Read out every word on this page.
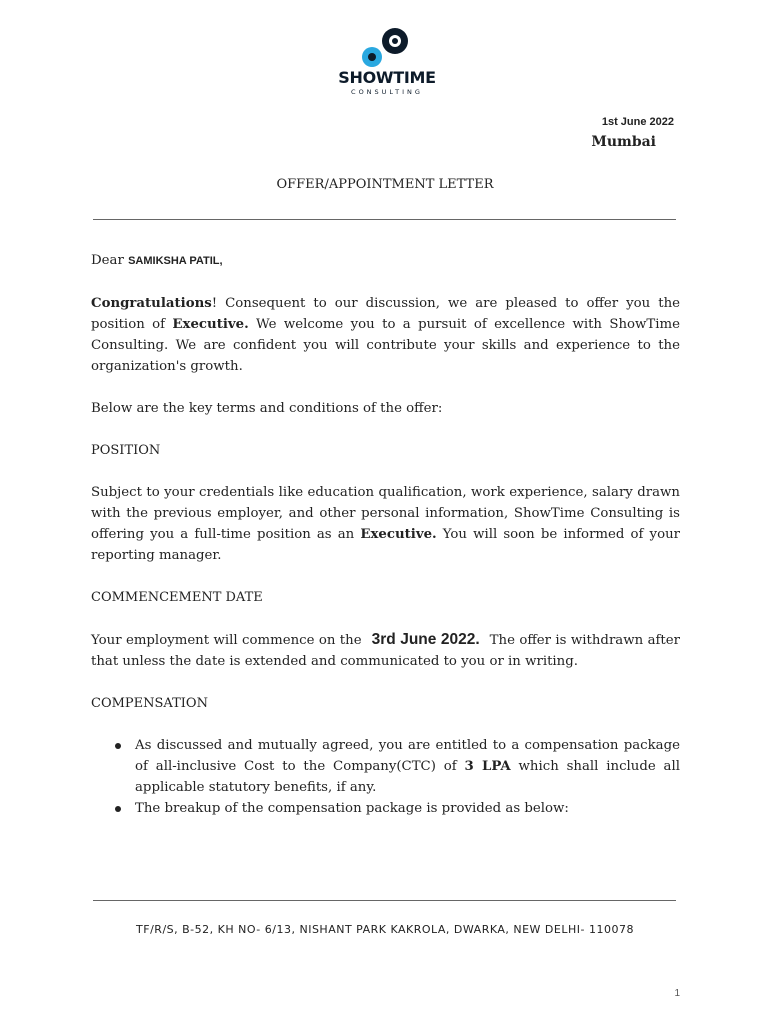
SHOWTIME
CONSULTING
1st June 2022
Mumbai
OFFER/APPOINTMENT LETTER

Dear SAMIKSHA PATIL,

Congratulations! Consequent to our discussion, we are pleased to offer you the position of Executive. We welcome you to a pursuit of excellence with ShowTime Consulting. We are confident you will contribute your skills and experience to the organization's growth.

Below are the key terms and conditions of the offer:

POSITION

Subject to your credentials like education qualification, work experience, salary drawn with the previous employer, and other personal information, ShowTime Consulting is offering you a full-time position as an Executive. You will soon be informed of your reporting manager.

COMMENCEMENT DATE

Your employment will commence on the 3rd June 2022. The offer is withdrawn after that unless the date is extended and communicated to you or in writing.

COMPENSATION

As discussed and mutually agreed, you are entitled to a compensation package of all-inclusive Cost to the Company(CTC) of 3 LPA which shall include all applicable statutory benefits, if any.
The breakup of the compensation package is provided as below:
TF/R/S, B-52, KH NO- 6/13, NISHANT PARK KAKROLA, DWARKA, NEW DELHI- 110078
1
